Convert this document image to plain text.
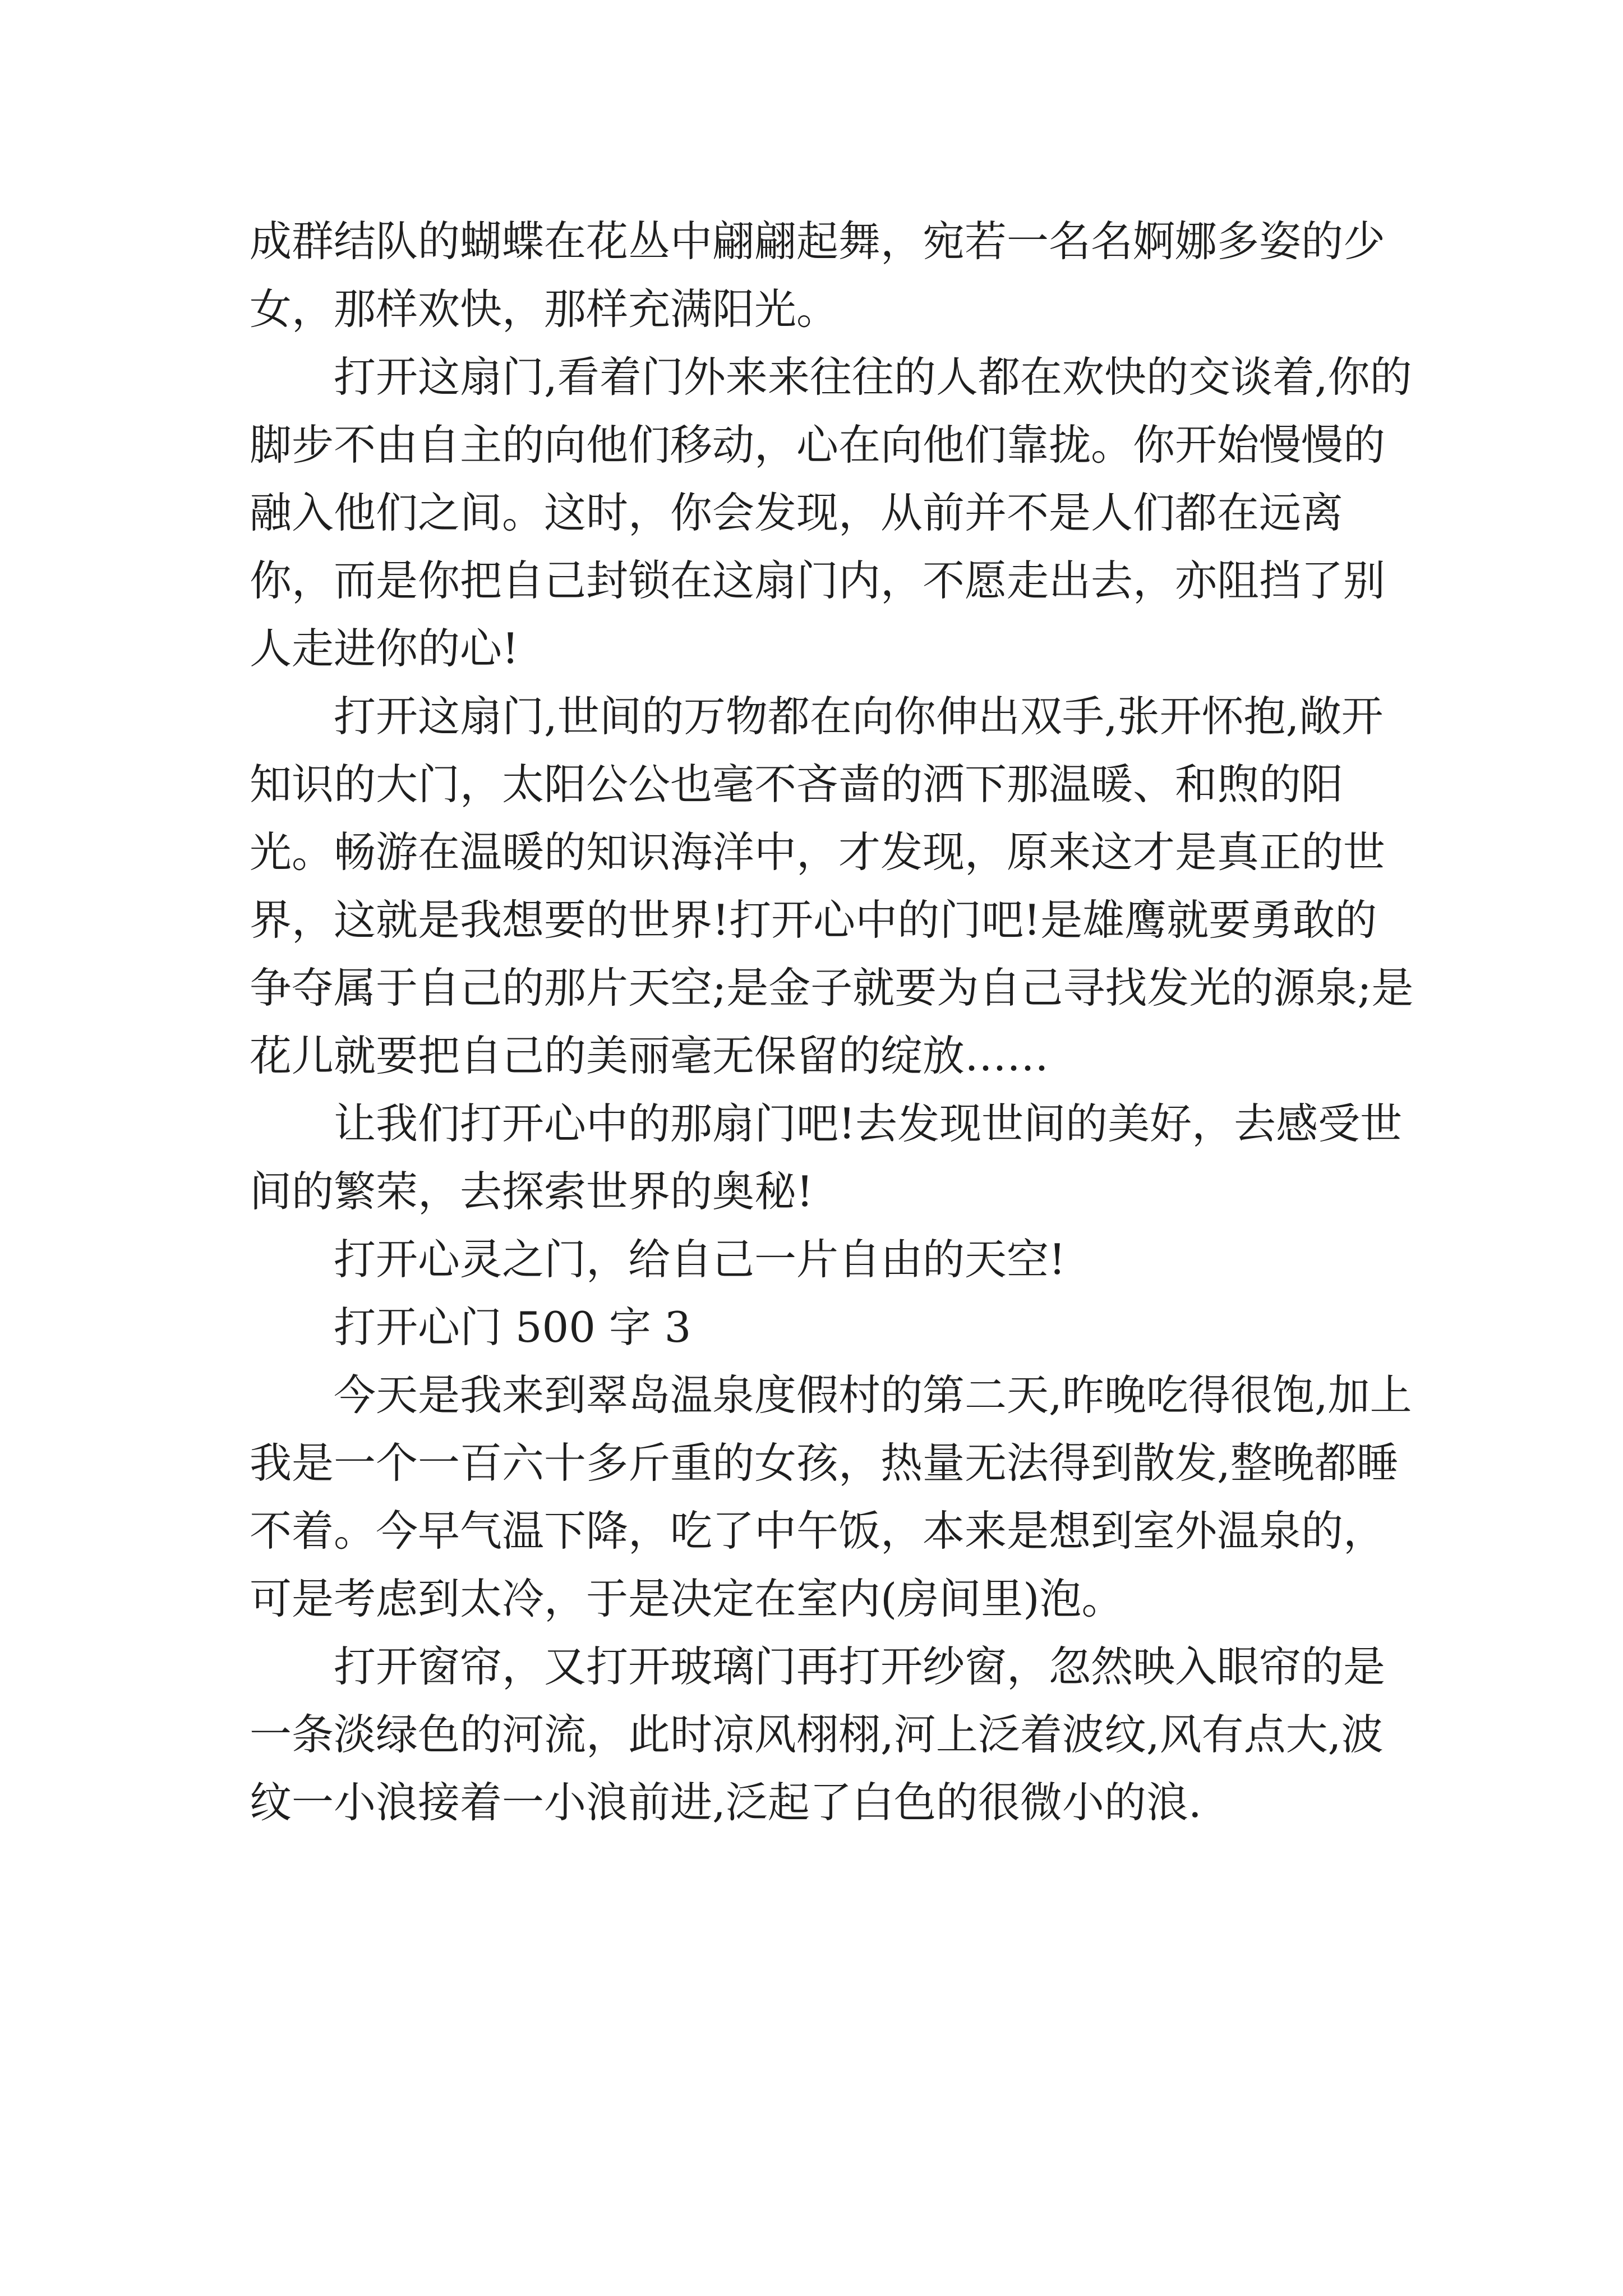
成群结队的蝴蝶在花丛中翩翩起舞，宛若一名名婀娜多姿的少女，那样欢快，那样充满阳光。

打开这扇门,看着门外来来往往的人都在欢快的交谈着,你的脚步不由自主的向他们移动，心在向他们靠拢。你开始慢慢的融入他们之间。这时，你会发现，从前并不是人们都在远离你，而是你把自己封锁在这扇门内，不愿走出去，亦阻挡了别人走进你的心!

打开这扇门,世间的万物都在向你伸出双手,张开怀抱,敞开知识的大门，太阳公公也毫不吝啬的洒下那温暖、和煦的阳光。畅游在温暖的知识海洋中，才发现，原来这才是真正的世界，这就是我想要的世界!打开心中的门吧!是雄鹰就要勇敢的争夺属于自己的那片天空;是金子就要为自己寻找发光的源泉;是花儿就要把自己的美丽毫无保留的绽放……

让我们打开心中的那扇门吧!去发现世间的美好，去感受世间的繁荣，去探索世界的奥秘!

打开心灵之门，给自己一片自由的天空!

打开心门 500 字 3

今天是我来到翠岛温泉度假村的第二天,昨晚吃得很饱,加上我是一个一百六十多斤重的女孩，热量无法得到散发,整晚都睡不着。今早气温下降，吃了中午饭，本来是想到室外温泉的，可是考虑到太冷，于是决定在室内(房间里)泡。

打开窗帘，又打开玻璃门再打开纱窗，忽然映入眼帘的是一条淡绿色的河流，此时凉风栩栩,河上泛着波纹,风有点大,波纹一小浪接着一小浪前进,泛起了白色的很微小的浪.
